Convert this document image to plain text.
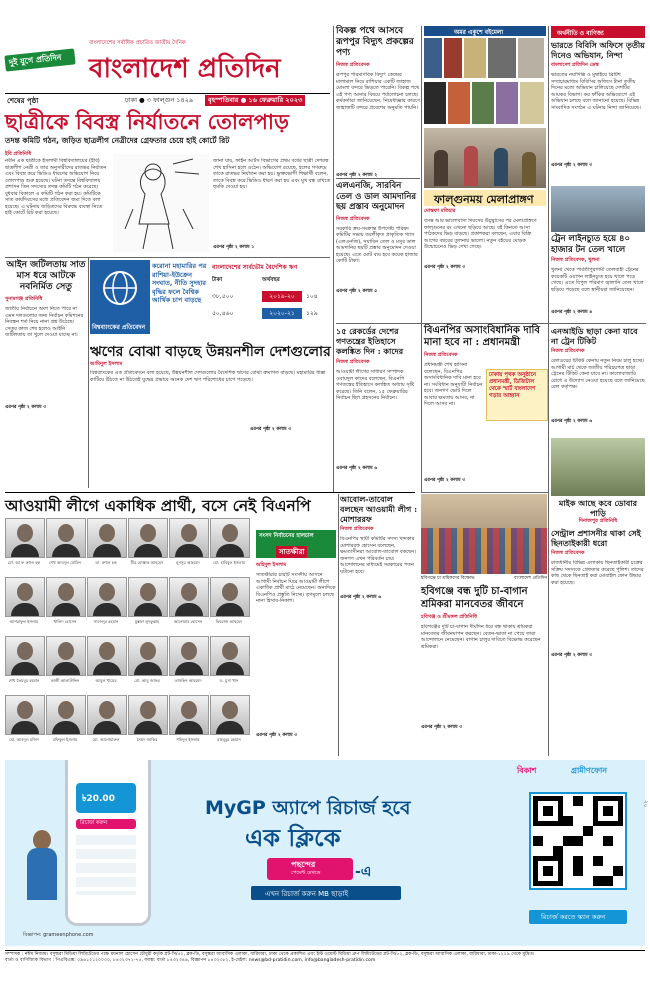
দুই যুগে প্রতিদিন
বাংলাদেশের সর্বাধিক প্রচারিত জাতীয় দৈনিক
বাংলাদেশ প্রতিদিন
শেষের পৃষ্ঠা	ঢাকা ● ৩ ফাল্গুন ১৪২৯	বৃহস্পতিবার ● ১৬ ফেব্রুয়ারি ২০২৩
বিকল্প পথে আসবে রূপপুর বিদ্যুৎ প্রকল্পের পণ্য
নিজস্ব প্রতিবেদক
রূপপুর পারমাণবিক বিদ্যুৎ কেন্দ্রের মালামাল নিয়ে রাশিয়ার একটি জাহাজ মোংলা বন্দরে ভিড়তে পারেনি। বিকল্প পথে এই পণ্য আনার বিষয়ে পর্যালোচনা চলছে। কর্মকর্তারা জানিয়েছেন, নিষেধাজ্ঞার কারণে জাহাজটি বন্দরে প্রবেশের অনুমতি পায়নি।
এরপর পৃষ্ঠা ২ কলাম ২
এলএনজি, সারবিন তেল ও ডাল আমদানির ছয় প্রস্তাব অনুমোদন
নিজস্ব প্রতিবেদক
সরকারি ক্রয়-সংক্রান্ত উপদেষ্টা পরিষদ কমিটির সভায় তরলীকৃত প্রাকৃতিক গ্যাস (এলএনজি), সয়াবিন তেল ও মসুর ডাল আমদানির ছয়টি প্রস্তাব অনুমোদন দেওয়া হয়েছে। এতে মোট ব্যয় হবে কয়েক হাজার কোটি টাকা।
এরপর পৃষ্ঠা ২ কলাম ৫
অমর একুশে বইমেলা
ফাল্গুনময় মেলাপ্রাঙ্গণ
মোস্তফা মতিহার
বসন্ত আর ভালোবাসা দিবসের উচ্ছ্বাসের পর মেলাপ্রাঙ্গণে ফাল্গুনের রং এখনো ছড়িয়ে আছে। বই কিনতে আসা পাঠকদের ভিড় বাড়ছে। প্রকাশকরা বলছেন, এবার বিক্রি আগের বছরের তুলনায় ভালো। নতুন বইয়ের মোড়ক উন্মোচনেও ভিড় দেখা গেছে।
এরপর পৃষ্ঠা ২ কলাম ৩
অর্থনীতি ও বাণিজ্য
ভারতে বিবিসি অফিসে তৃতীয় দিনেও অভিযান, নিন্দা
বাংলাদেশ প্রতিদিন ডেস্ক
ভারতের নয়াদিল্লি ও মুম্বাইয়ে ব্রিটিশ সম্প্রচারমাধ্যম বিবিসির অফিসে টানা তৃতীয় দিনের মতো অভিযান চালিয়েছে দেশটির আয়কর বিভাগ। কর ফাঁকির অভিযোগে এই অভিযান চলছে বলে জানানো হয়েছে। বিভিন্ন সাংবাদিক সংগঠন এ ঘটনার নিন্দা জানিয়েছে।
এরপর পৃষ্ঠা ২ কলাম ৩
ট্রেন লাইনচ্যুত হয়ে ৪০ হাজার টন তেল খালে
নিজস্ব প্রতিবেদক, খুলনা
খুলনা থেকে পার্বতীপুরগামী তেলবাহী ট্রেনের কয়েকটি ওয়াগন লাইনচ্যুত হয়ে খালে পড়ে গেছে। এতে বিপুল পরিমাণ জ্বালানি তেল খালে ছড়িয়ে পড়েছে বলে স্থানীয়রা জানিয়েছেন।
এরপর পৃষ্ঠা ২ কলাম ৪
ছাত্রীকে বিবস্ত্র নির্যাতনে তোলপাড়
তদন্ত কমিটি গঠন, জড়িত ছাত্রলীগ নেত্রীদের গ্রেফতার চেয়ে হাই কোর্টে রিট
ইবি প্রতিনিধি
নবীন এক ছাত্রীকে ইসলামী বিশ্ববিদ্যালয়ের (ইবি) ছাত্রলীগ নেত্রী ও তার অনুসারীদের রাতভর নির্যাতন এবং বিবস্ত্র করে ভিডিও ধারণের অভিযোগ নিয়ে তোলপাড় শুরু হয়েছে। ঘটনা তদন্তে বিশ্ববিদ্যালয় প্রশাসন তিন সদস্যের তদন্ত কমিটি গঠন করেছে। বুধবার বিকালে এ কমিটি গঠন করা হয়। কমিটিকে সাত কার্যদিবসের মধ্যে প্রতিবেদন জমা দিতে বলা হয়েছে। এ ঘটনায় জড়িতদের বিরুদ্ধে ব্যবস্থা নিতে হাই কোর্টে রিট করা হয়েছে।
জানা যায়, ফাইন আর্টস বিভাগের প্রথম বর্ষের ছাত্রী দেশরত্ন শেখ হাসিনা হলে ওঠেন। অভিযোগ রয়েছে, হলের গণরুমে তাকে রাতভর নির্যাতন করা হয়। ভুক্তভোগী শিক্ষার্থী বলেন, তাকে বিবস্ত্র করে ভিডিও ধারণ করা হয় এবং মুখ বন্ধ রাখতে হুমকি দেওয়া হয়।
এরপর পৃষ্ঠা ২ কলাম ১
আইন জটিলতায় সাত মাস ধরে আটকে নবনির্মিত সেতু
সুনামগঞ্জ প্রতিনিধি
জাতীয় নির্বাচনে অংশ নিতে পারে না এমন দলগুলোর জন্য নির্বাচন কমিশনের নিবন্ধন শর্ত নিয়ে নানা প্রশ্ন উঠেছে। সেতুর কাজ শেষ হলেও আইনি জটিলতায় তা খুলে দেওয়া যাচ্ছে না।
এরপর পৃষ্ঠা ২ কলাম ৩
বিশ্বব্যাংকের প্রতিবেদন
করোনা মহামারির পর রাশিয়া-ইউক্রেন সংঘাত, নীতি সুদহার বৃদ্ধির ফলে বৈশ্বিক আর্থিক চাপ বাড়ছে
বাংলাদেশের সার্বভৌম বৈদেশিক ঋণ
টাকা	অর্থবছর
৩৮,৫০০	২০১৯-২০	১০৪
৫০,৪৬০	২০২০-২১	১২৯
ঋণের বোঝা বাড়ছে উন্নয়নশীল দেশগুলোর
আমিনুল ইসলাম
বিশ্বব্যাংকের এক প্রতিবেদনে বলা হয়েছে, উন্নয়নশীল দেশগুলোর বৈদেশিক ঋণের বোঝা ক্রমাগত বাড়ছে। মহামারির ধাক্কা কাটিয়ে উঠতে না উঠতেই যুদ্ধের প্রভাবে অনেক দেশ ঋণ পরিশোধের চাপে পড়েছে।
এরপর পৃষ্ঠা ২ কলাম ৩
১৫ রেকর্ডের দেশের গণতন্ত্রের ইতিহাসে কলঙ্কিত দিন : কাদের
নিজস্ব প্রতিবেদক
আওয়ামী লীগের সাধারণ সম্পাদক ওবায়দুল কাদের বলেছেন, বিএনপি গণতন্ত্রের ইতিহাসে কলঙ্কিত অধ্যায় সৃষ্টি করেছে। তিনি বলেন, ১৫ ফেব্রুয়ারির নির্বাচন ছিল প্রহসনের নির্বাচন।
এরপর পৃষ্ঠা ২ কলাম ৬
বিএনপির অসাংবিধানিক দাবি মানা হবে না : প্রধানমন্ত্রী
নিজস্ব প্রতিবেদক
প্রধানমন্ত্রী শেখ হাসিনা বলেছেন, বিএনপির অসাংবিধানিক দাবি মানা হবে না। সংবিধান অনুযায়ী নির্বাচন হবে। জনগণ ভোট দিলে আবার ক্ষমতায় আসব, না দিলে আসব না।
ঢাকায় পৃথক অনুষ্ঠানে প্রধানমন্ত্রী, ডিজিটাল থেকে স্মার্ট বাংলাদেশ গড়ার আহ্বান
এরপর পৃষ্ঠা ২ কলাম ৩
এনআইডি ছাড়া কেনা যাবে না ট্রেন টিকিট
নিজস্ব প্রতিবেদক
রেলওয়ের টিকিট কেনায় নতুন নিয়ম চালু হচ্ছে। আগামী মার্চ থেকে জাতীয় পরিচয়পত্র ছাড়া ট্রেনের টিকিট কেনা যাবে না। কালোবাজারি রোধে এ উদ্যোগ নেওয়া হয়েছে বলে জানিয়েছে রেল কর্তৃপক্ষ।
এরপর পৃষ্ঠা ২ কলাম ৬
মাইক আছে কবে ডোবার পাড়ি
দিনাজপুর প্রতিনিধি
আওয়ামী লীগে একাধিক প্রার্থী, বসে নেই বিএনপি
মো. আ ফ রুহুল হক	শেখ আবদুল মোমিন	ডা. রুহুল হক	মীর মোস্তাক আহমেদ	মুনসুর আহমেদ	মো. হাবিবুল ইসলাম
আশরাফুল ইসলাম	খালিদ হোসেন	সাজেদুর রহমান	মুস্তফা লুৎফুল্লাহ	আনোয়ার হোসেন	ফিরোজ আহমেদ
শেখ তৈয়বুর রহমান	কাজী আলাউদ্দিন	আবুল খায়ের	মো. আবু জাফর	তাসকিন আহমেদ	ড. মুসা খান
মো. আবদুল মজিদ	রফিকুল ইসলাম	মো. আনোয়ারুল	সৈয়দ জাকির	শহিদুল ইসলাম	মাহবুবুর রহমান
সংসদ নির্বাচনের হালচাল
সাতক্ষীরা
অহিদুল ইসলাম
সাতক্ষীরার চারটি সংসদীয় আসনে আগামী নির্বাচন ঘিরে আওয়ামী লীগে একাধিক প্রার্থী মাঠে নেমেছেন। অন্যদিকে বিএনপিও প্রস্তুতি নিচ্ছে। তৃণমূলে চলছে নানা হিসাব-নিকাশ।
এরপর পৃষ্ঠা ২ কলাম ৩
আবোল-তাবোল বলছেন আওয়ামী লীগ : মোশাররফ
নিজস্ব প্রতিবেদক
বিএনপির স্থায়ী কমিটির সদস্য খন্দকার মোশাররফ হোসেন বলেছেন, ক্ষমতাসীনরা আবোল-তাবোল বকছেন। জনগণ এখন পরিবর্তন চায়। আন্দোলনের মাধ্যমেই সরকারের পতন ঘটানো হবে।
এরপর পৃষ্ঠা ২ কলাম ৬
হবিগঞ্জে চা শ্রমিকদের বিক্ষোভ	বাংলাদেশ প্রতিদিন
হবিগঞ্জে বন্ধ দুটি চা-বাগান শ্রমিকরা মানবেতর জীবনে
হবিগঞ্জ ও শ্রীমঙ্গল প্রতিনিধি
হবিগঞ্জের দুটি চা-বাগান দীর্ঘদিন ধরে বন্ধ থাকায় শ্রমিকরা মানবেতর জীবনযাপন করছেন। বেতন-ভাতা না পেয়ে তারা আন্দোলনে নেমেছেন। বাগান চালুর দাবিতে বিক্ষোভ করেছেন শ্রমিকরা।
এরপর পৃষ্ঠা ২ কলাম ৩
সেন্ট্রাল প্রশাসনীর থাকা সেই ছিনতাইকারী ধরো
নিজস্ব প্রতিবেদক
রাজধানীর বিভিন্ন এলাকায় ছিনতাইকারী চক্রের সক্রিয় সদস্যকে গ্রেফতার করেছে পুলিশ। তাদের কাছ থেকে ছিনতাই করা মোবাইল ফোন উদ্ধার করা হয়েছে।
এরপর পৃষ্ঠা ২ কলাম ৩
৳20.00
রিচার্জ করুন
বিকাশ	গ্রামীণফোন
MyGP অ্যাপে রিচার্জ হবে
এক ক্লিকে
পছন্দের
পেমেন্ট মেথডে -এ
এখন রিচার্জ করুন MB ছাড়াই
রিচার্জ করতে স্ক্যান করুন
বিজ্ঞাপন: grameenphone.com
সম্পাদক : নঈম নিজাম। বসুন্ধরা মিডিয়া লিমিটেডের পক্ষে ময়নাল হোসেন চৌধুরী কর্তৃক প্লট-সি/৫২, ব্লক-ডি, বসুন্ধরা আবাসিক এলাকা, বারিধারা, ঢাকা থেকে প্রকাশিত এবং ইস্ট ওয়েস্ট মিডিয়া গ্রুপ লিমিটেডের প্লট-সি/৫২, ব্লক-ডি, বসুন্ধরা আবাসিক এলাকা, বারিধারা, ঢাকা-১২২৯ থেকে মুদ্রিত।
বার্তা ও বাণিজ্যিক বিভাগ : পিএবিএক্স: ০৯৬১২১২০০০০, ৮৪৩২৩৭২-৭৫, ফ্যাক্স: বার্তা ৮৪৩২৩৪৬, বিজ্ঞাপন ৮৪৩২৩৮২, ই-মেইল: news@bd-pratidin.com, info@bangladesh-pratidin.com
২০
